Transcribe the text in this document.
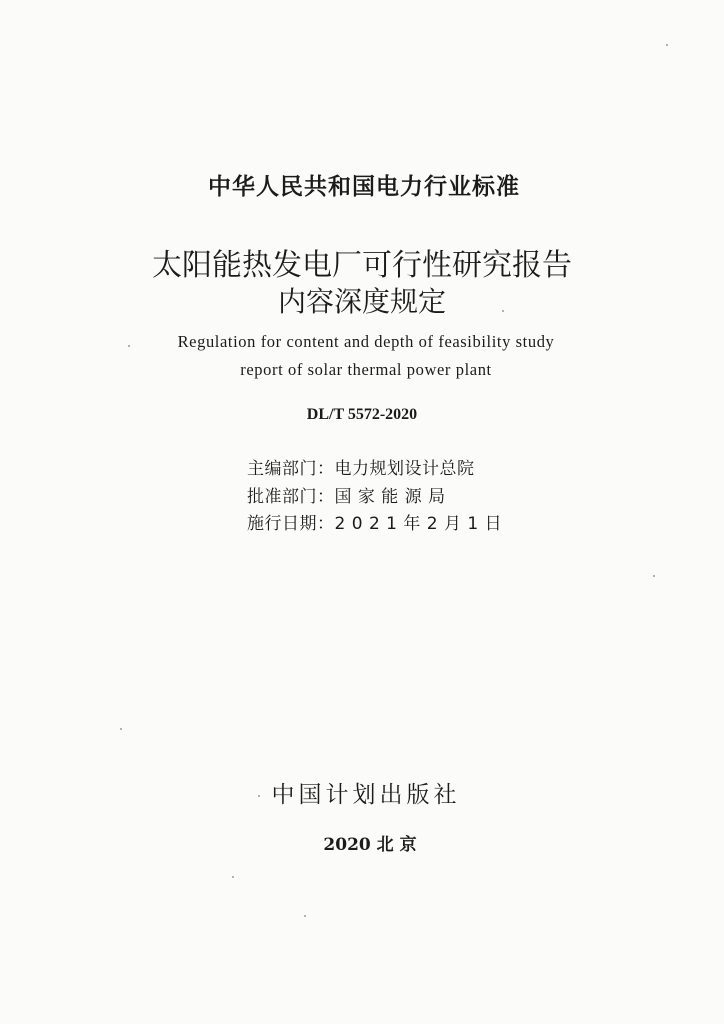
中华人民共和国电力行业标准
太阳能热发电厂可行性研究报告
内容深度规定
Regulation for content and depth of feasibility study
report of solar thermal power plant
DL/T 5572-2020
主编部门：电力规划设计总院
批准部门：国 家 能 源 局
施行日期：2 0 2 1 年 2 月 1 日
中国计划出版社
2020 北 京
